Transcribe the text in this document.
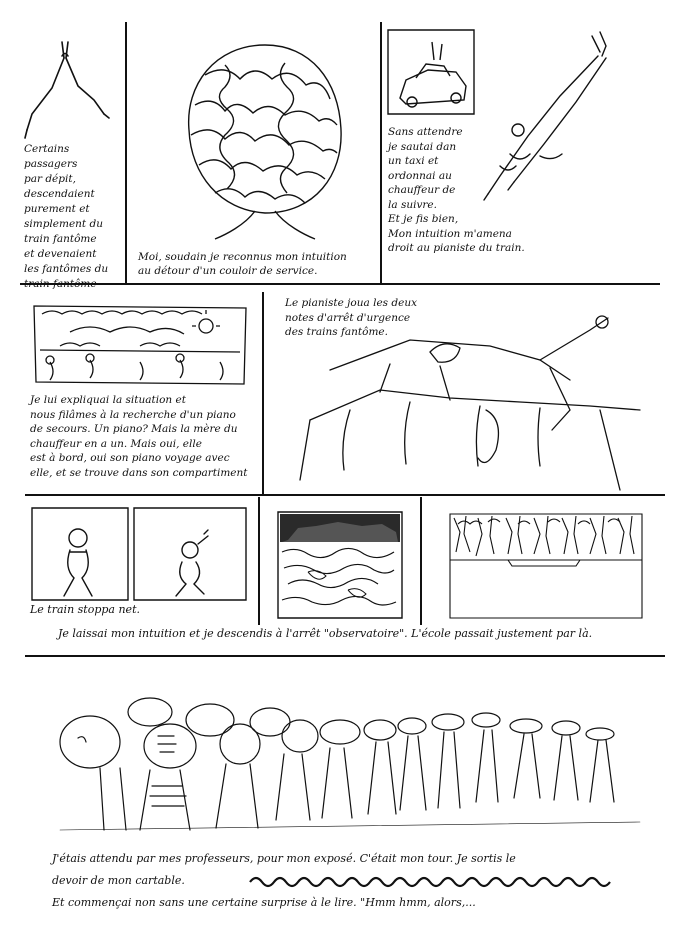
Certains passagers
par dépit,
descendaient
purement et
simplement du
train fantôme
et devenaient
les fantômes du
train fantôme
Moi, soudain je reconnus mon intuition
au détour d'un couloir de service.
Sans attendre
je sautai dan
un taxi et
ordonnai au
chauffeur de
la suivre.
Et je fis bien,
Mon intuition m'amena
droit au pianiste du train.
Je lui expliquai la situation et
nous filâmes à la recherche d'un piano
de secours. Un piano? Mais la mère du
chauffeur en a un. Mais oui, elle
est à bord, oui son piano voyage avec
elle, et se trouve dans son compartiment
Le pianiste joua les deux
notes d'arrêt d'urgence
des trains fantôme.
Le train stoppa net.
Je laissai mon intuition et je descendis à l'arrêt "observatoire". L'école passait justement par là.
J'étais attendu par mes professeurs, pour mon exposé. C'était mon tour. Je sortis le
devoir de mon cartable.
Et commençai non sans une certaine surprise à le lire. "Hmm hmm, alors,...
